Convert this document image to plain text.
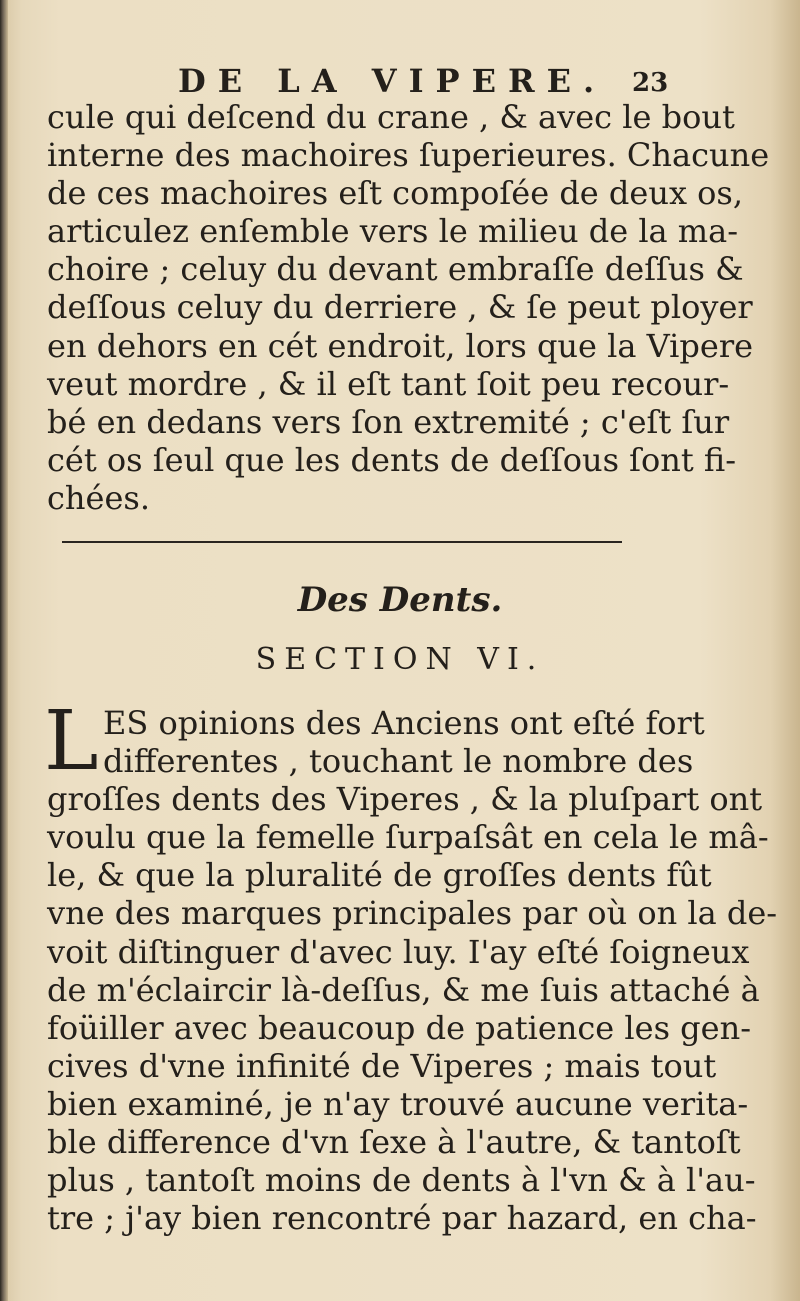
DE LA VIPERE. 23
cule qui deſcend du crane , & avec le bout
interne des machoires ſuperieures. Chacune
de ces machoires eſt compoſée de deux os,
articulez enſemble vers le milieu de la ma-
choire ; celuy du devant embraſſe deſſus &
deſſous celuy du derriere , & ſe peut ployer
en dehors en cét endroit, lors que la Vipere
veut mordre , & il eſt tant ſoit peu recour-
bé en dedans vers ſon extremité ; c'eſt ſur
cét os ſeul que les dents de deſſous ſont fi-
chées.
Des Dents.
SECTION VI.
L ES opinions des Anciens ont eſté fort
differentes , touchant le nombre des
groſſes dents des Viperes , & la pluſpart ont
voulu que la femelle ſurpaſsât en cela le mâ-
le, & que la pluralité de groſſes dents fût
vne des marques principales par où on la de-
voit diſtinguer d'avec luy. I'ay eſté ſoigneux
de m'éclaircir là-deſſus, & me ſuis attaché à
foüiller avec beaucoup de patience les gen-
cives d'vne infinité de Viperes ; mais tout
bien examiné, je n'ay trouvé aucune verita-
ble difference d'vn ſexe à l'autre, & tantoſt
plus , tantoſt moins de dents à l'vn & à l'au-
tre ; j'ay bien rencontré par hazard, en cha-
